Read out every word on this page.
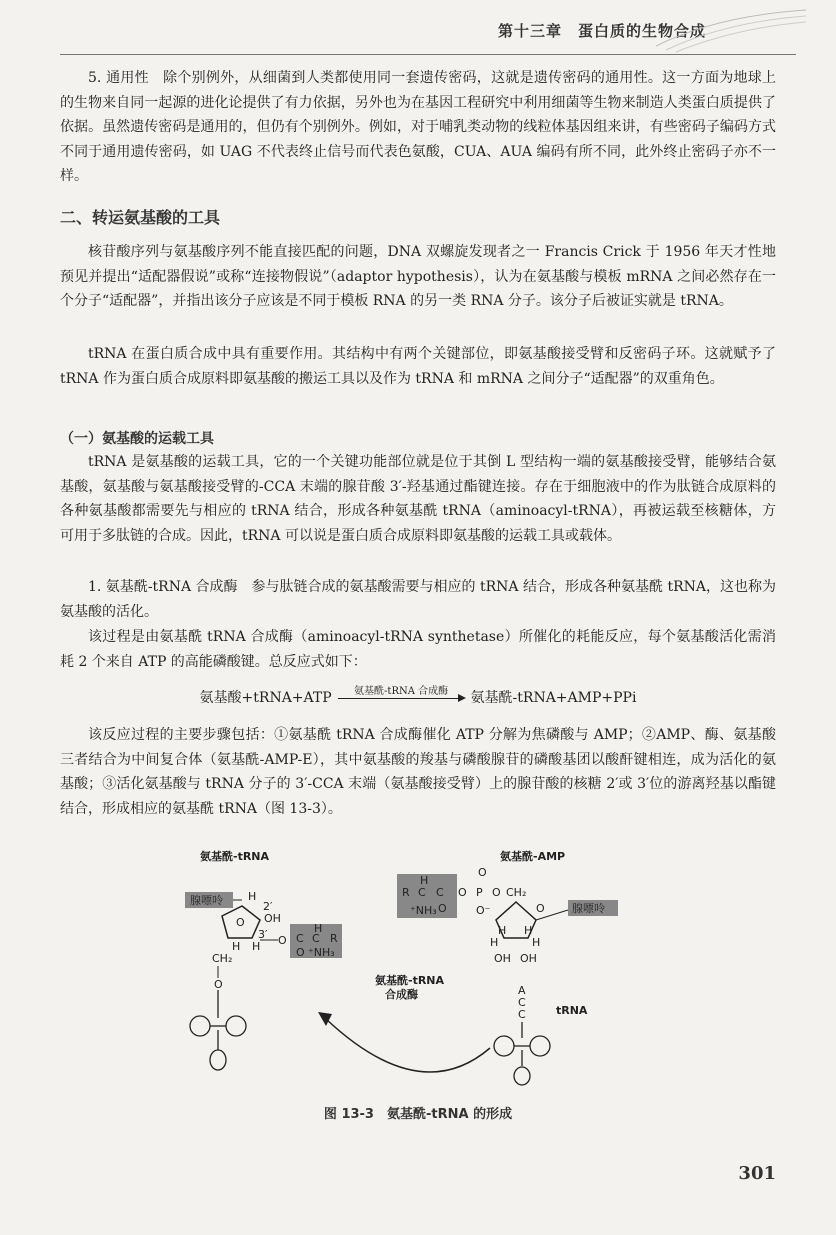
第十三章　蛋白质的生物合成

5. 通用性　除个别例外，从细菌到人类都使用同一套遗传密码，这就是遗传密码的通用性。这一方面为地球上的生物来自同一起源的进化论提供了有力依据，另外也为在基因工程研究中利用细菌等生物来制造人类蛋白质提供了依据。虽然遗传密码是通用的，但仍有个别例外。例如，对于哺乳类动物的线粒体基因组来讲，有些密码子编码方式不同于通用遗传密码，如 UAG 不代表终止信号而代表色氨酸，CUA、AUA 编码有所不同，此外终止密码子亦不一样。

二、转运氨基酸的工具

核苷酸序列与氨基酸序列不能直接匹配的问题，DNA 双螺旋发现者之一 Francis Crick 于 1956 年天才性地预见并提出“适配器假说”或称“连接物假说”（adaptor hypothesis），认为在氨基酸与模板 mRNA 之间必然存在一个分子“适配器”，并指出该分子应该是不同于模板 RNA 的另一类 RNA 分子。该分子后被证实就是 tRNA。

tRNA 在蛋白质合成中具有重要作用。其结构中有两个关键部位，即氨基酸接受臂和反密码子环。这就赋予了 tRNA 作为蛋白质合成原料即氨基酸的搬运工具以及作为 tRNA 和 mRNA 之间分子“适配器”的双重角色。

（一）氨基酸的运载工具

tRNA 是氨基酸的运载工具，它的一个关键功能部位就是位于其倒 L 型结构一端的氨基酸接受臂，能够结合氨基酸，氨基酸与氨基酸接受臂的-CCA 末端的腺苷酸 3′-羟基通过酯键连接。存在于细胞液中的作为肽链合成原料的各种氨基酸都需要先与相应的 tRNA 结合，形成各种氨基酰 tRNA（aminoacyl-tRNA），再被运载至核糖体，方可用于多肽链的合成。因此，tRNA 可以说是蛋白质合成原料即氨基酸的运载工具或载体。

1. 氨基酰-tRNA 合成酶　参与肽链合成的氨基酸需要与相应的 tRNA 结合，形成各种氨基酰 tRNA，这也称为氨基酸的活化。

该过程是由氨基酰 tRNA 合成酶（aminoacyl-tRNA synthetase）所催化的耗能反应，每个氨基酸活化需消耗 2 个来自 ATP 的高能磷酸键。总反应式如下：

氨基酸+tRNA+ATP	氨基酰-tRNA 合成酶	氨基酰-tRNA+AMP+PPi

该反应过程的主要步骤包括：①氨基酰 tRNA 合成酶催化 ATP 分解为焦磷酸与 AMP；②AMP、酶、氨基酸三者结合为中间复合体（氨基酰-AMP-E），其中氨基酸的羧基与磷酸腺苷的磷酸基团以酸酐键相连，成为活化的氨基酸；③活化氨基酸与 tRNA 分子的 3′-CCA 末端（氨基酸接受臂）上的腺苷酸的核糖 2′或 3′位的游离羟基以酯键结合，形成相应的氨基酰 tRNA（图 13-3）。

氨基酰-tRNA
腺嘌呤
O
H
2′
OH
H H
3′ O C C R
O ⁺NH₃
H
CH₂
O	氨基酰-tRNA
合成酶
氨基酰-AMP
R C C
H
⁺NH₃ O
O P
O
O⁻
O CH₂
O 腺嘌呤
H H
H	H
OH OH
A
C
C	tRNA
图 13-3　氨基酰-tRNA 的形成
301
